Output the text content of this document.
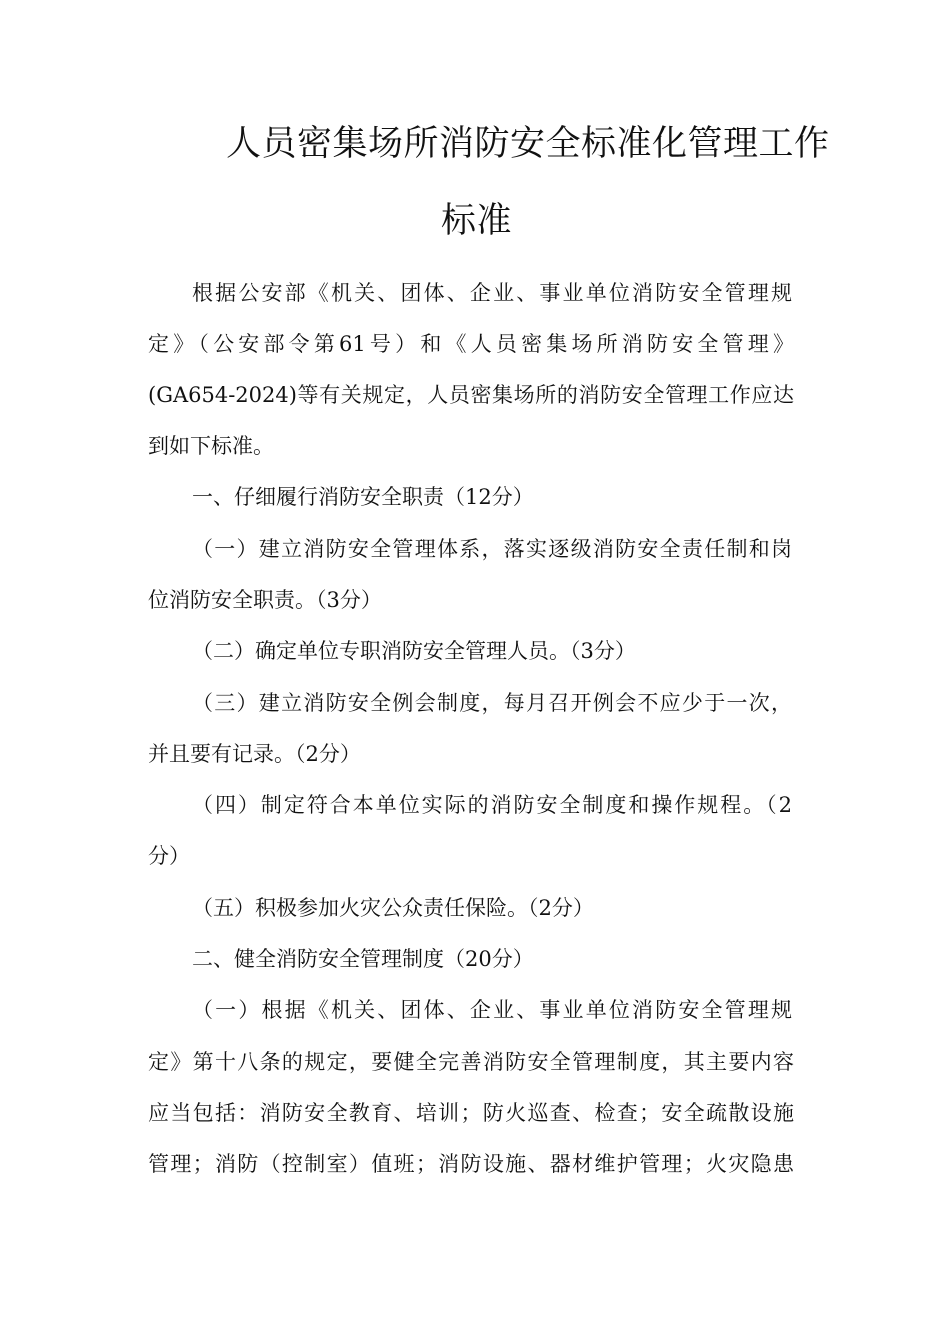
人员密集场所消防安全标准化管理工作
标准
根据公安部《机关、团体、企业、事业单位消防安全管理规
定》（公安部令第61号）和《人员密集场所消防安全管理》
(GA654-2024)等有关规定，人员密集场所的消防安全管理工作应达
到如下标准。
一、仔细履行消防安全职责（12分）
（一）建立消防安全管理体系，落实逐级消防安全责任制和岗
位消防安全职责。（3分）
（二）确定单位专职消防安全管理人员。（3分）
（三）建立消防安全例会制度，每月召开例会不应少于一次，
并且要有记录。（2分）
（四）制定符合本单位实际的消防安全制度和操作规程。（2
分）
（五）积极参加火灾公众责任保险。（2分）
二、健全消防安全管理制度（20分）
（一）根据《机关、团体、企业、事业单位消防安全管理规
定》第十八条的规定，要健全完善消防安全管理制度，其主要内容
应当包括：消防安全教育、培训；防火巡查、检查；安全疏散设施
管理；消防（控制室）值班；消防设施、器材维护管理；火灾隐患
